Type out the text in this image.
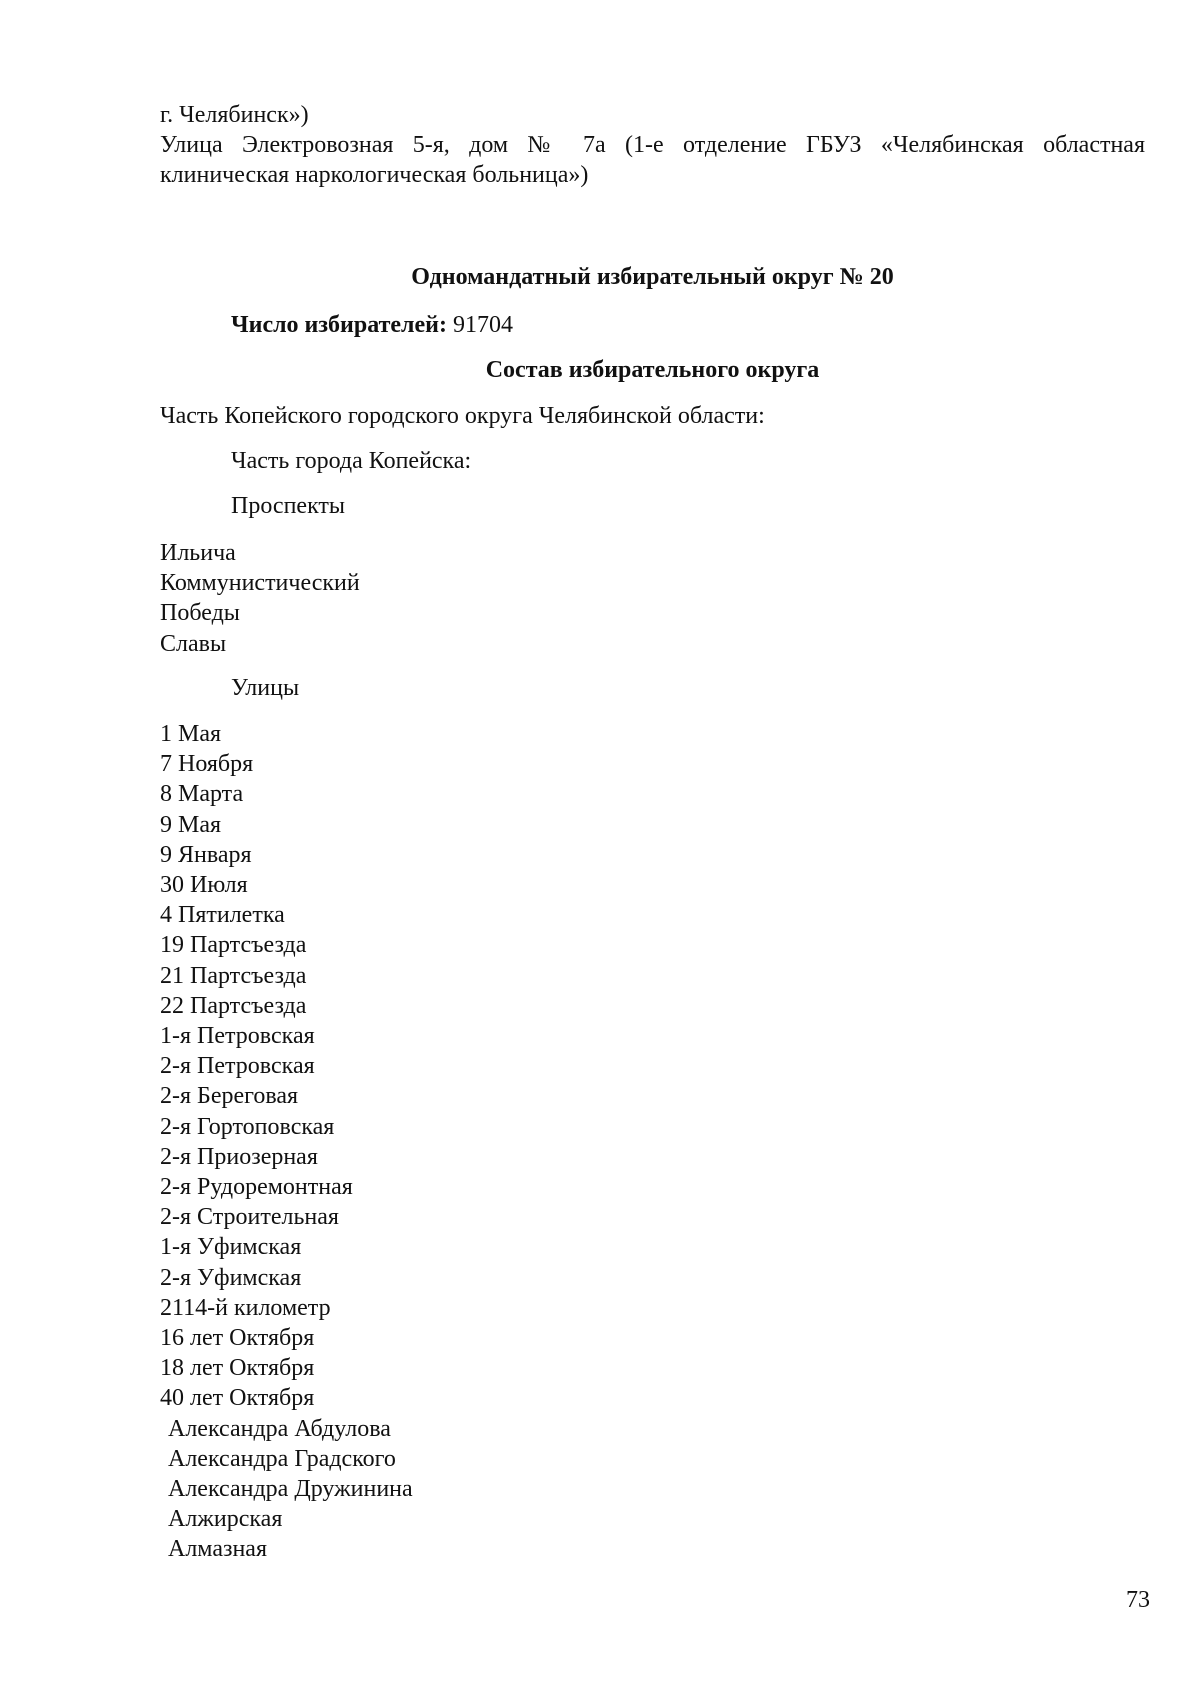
г. Челябинск»)
Улица Электровозная 5-я, дом № 7а (1-е отделение ГБУЗ «Челябинская областная
клиническая наркологическая больница»)
Одномандатный избирательный округ № 20
Число избирателей: 91704
Состав избирательного округа
Часть Копейского городского округа Челябинской области:
Часть города Копейска:
Проспекты
Ильича
Коммунистический
Победы
Славы
Улицы
1 Мая
7 Ноября
8 Марта
9 Мая
9 Января
30 Июля
4 Пятилетка
19 Партсъезда
21 Партсъезда
22 Партсъезда
1-я Петровская
2-я Петровская
2-я Береговая
2-я Гортоповская
2-я Приозерная
2-я Рудоремонтная
2-я Строительная
1-я Уфимская
2-я Уфимская
2114-й километр
16 лет Октября
18 лет Октября
40 лет Октября
Александра Абдулова
Александра Градского
Александра Дружинина
Алжирская
Алмазная
73
